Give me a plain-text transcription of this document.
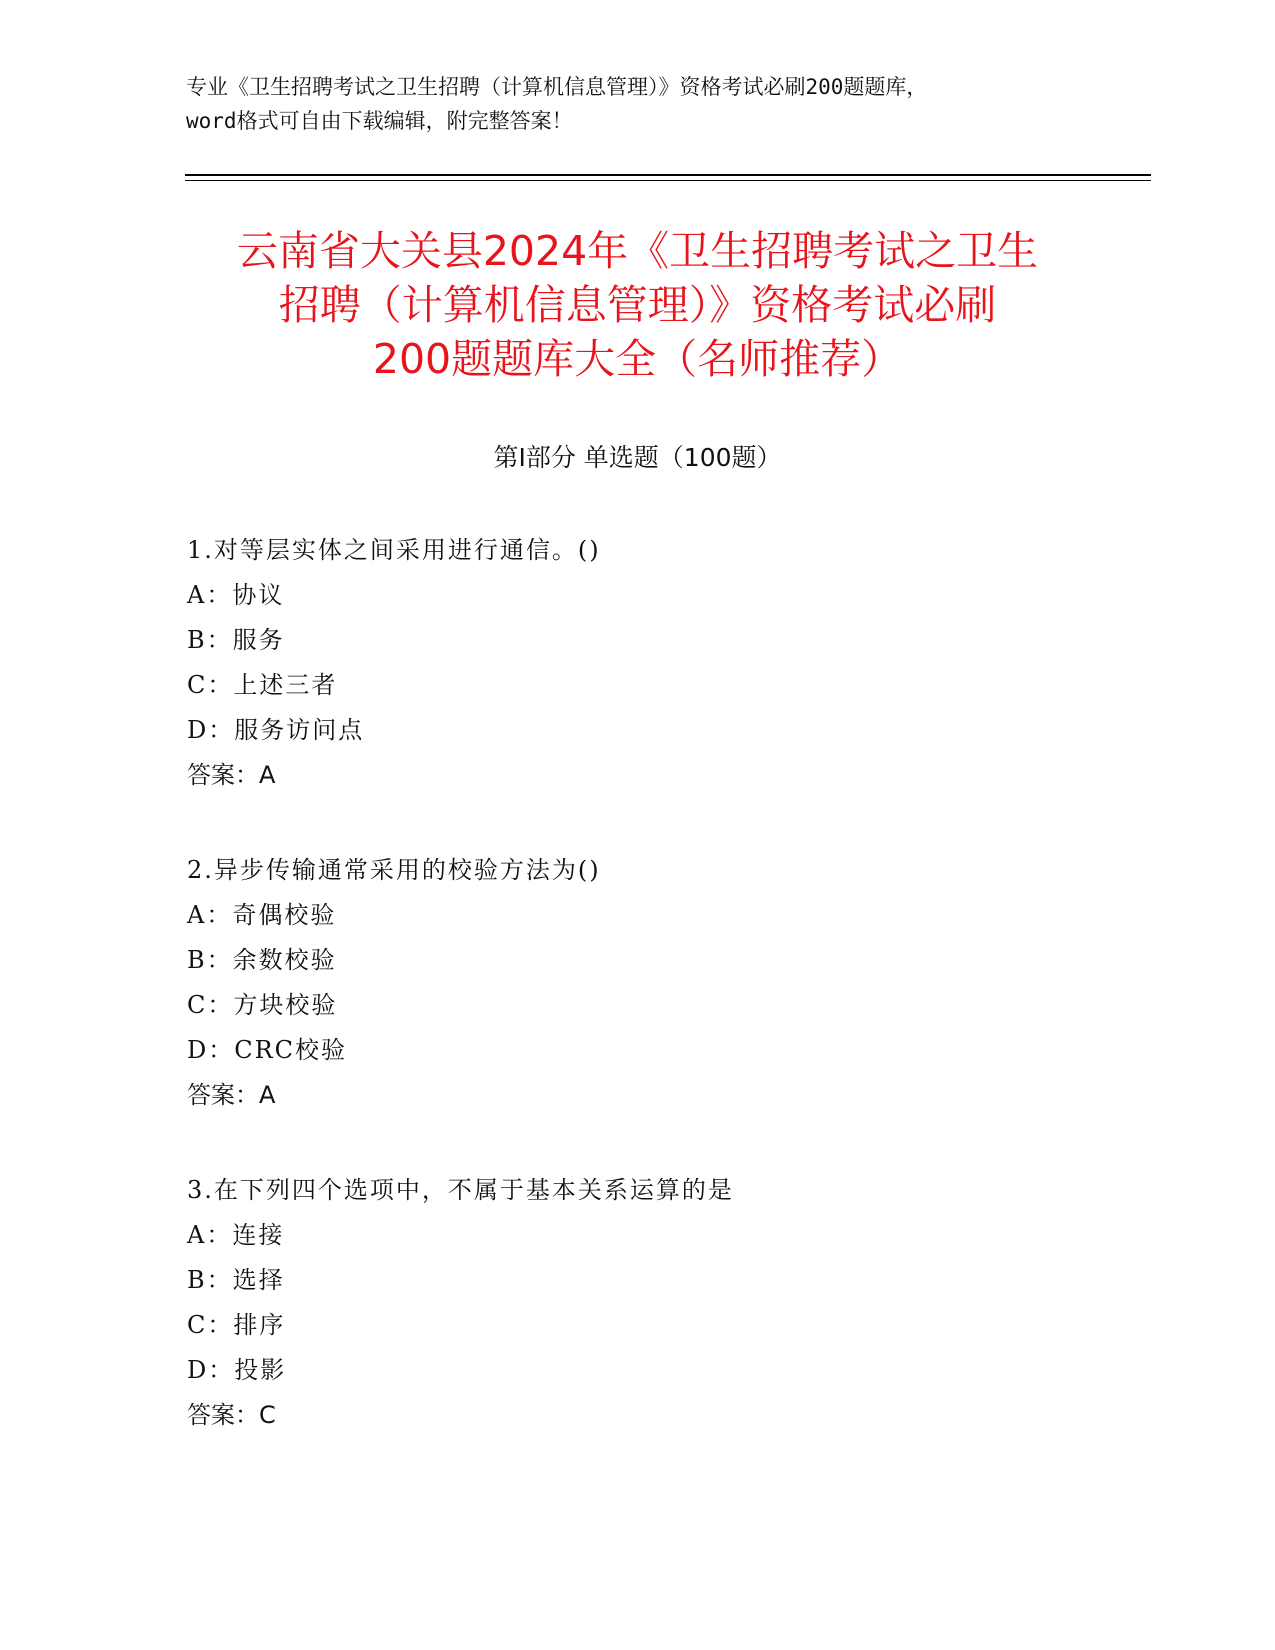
专业《卫生招聘考试之卫生招聘（计算机信息管理）》资格考试必刷200题题库，
word格式可自由下载编辑，附完整答案！
云南省大关县2024年《卫生招聘考试之卫生
招聘（计算机信息管理）》资格考试必刷
200题题库大全（名师推荐）
第Ⅰ部分 单选题（100题）
1.对等层实体之间采用进行通信。()
A：协议
B：服务
C：上述三者
D：服务访问点
答案：A
2.异步传输通常采用的校验方法为()
A：奇偶校验
B：余数校验
C：方块校验
D：CRC校验
答案：A
3.在下列四个选项中，不属于基本关系运算的是
A：连接
B：选择
C：排序
D：投影
答案：C
